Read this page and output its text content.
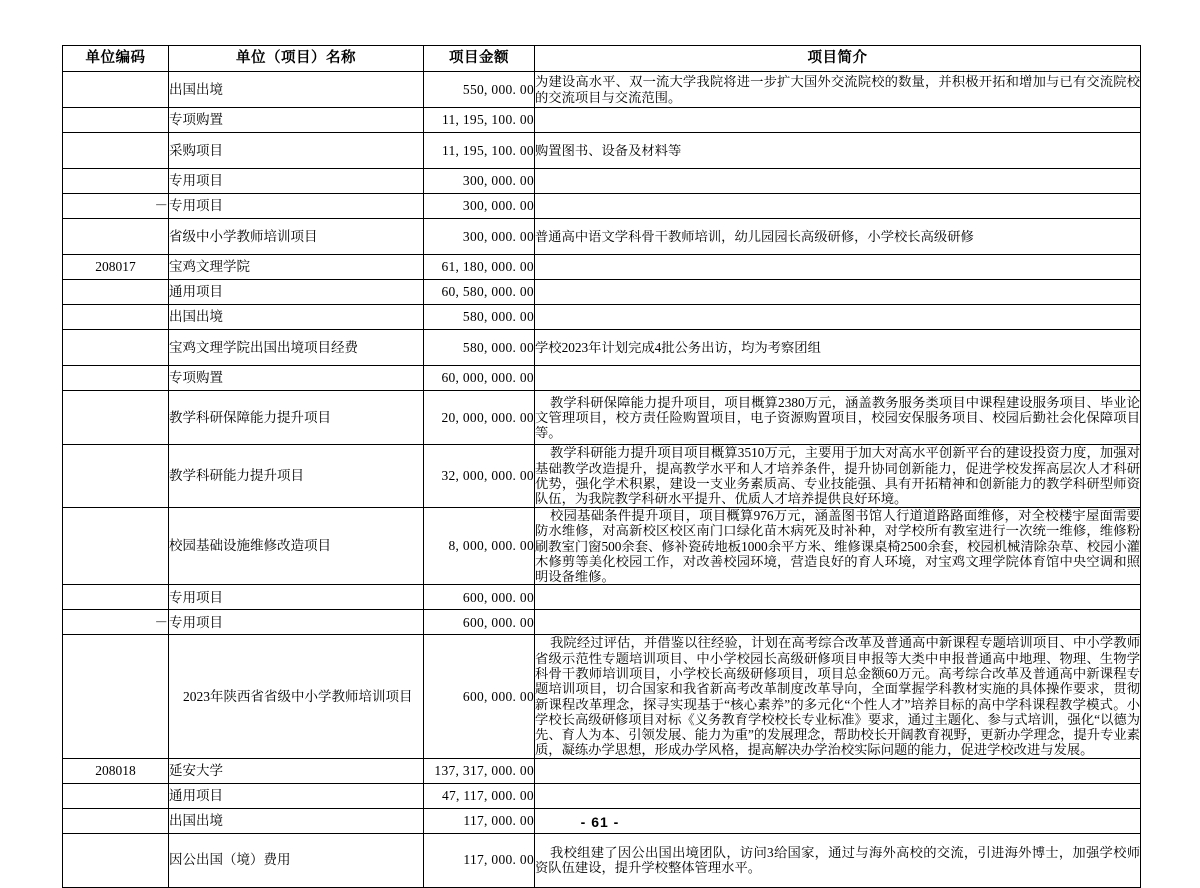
单位编码	单位（项目）名称	项目金额	项目简介
	出国出境	550, 000. 00	为建设高水平、双一流大学我院将进一步扩大国外交流院校的数量，并积极开拓和增加与已有交流院校的交流项目与交流范围。
	专项购置	11, 195, 100. 00	
	采购项目	11, 195, 100. 00	购置图书、设备及材料等
	专用项目	300, 000. 00	
－	专用项目	300, 000. 00	
	省级中小学教师培训项目	300, 000. 00	普通高中语文学科骨干教师培训，幼儿园园长高级研修，小学校长高级研修
208017	宝鸡文理学院	61, 180, 000. 00	
	通用项目	60, 580, 000. 00	
	出国出境	580, 000. 00	
	宝鸡文理学院出国出境项目经费	580, 000. 00	学校2023年计划完成4批公务出访，均为考察团组
	专项购置	60, 000, 000. 00	
	教学科研保障能力提升项目	20, 000, 000. 00	教学科研保障能力提升项目，项目概算2380万元，涵盖教务服务类项目中课程建设服务项目、毕业论文管理项目，校方责任险购置项目，电子资源购置项目，校园安保服务项目、校园后勤社会化保障项目等。
	教学科研能力提升项目	32, 000, 000. 00	教学科研能力提升项目项目概算3510万元，主要用于加大对高水平创新平台的建设投资力度，加强对基础教学改造提升，提高教学水平和人才培养条件，提升协同创新能力，促进学校发挥高层次人才科研优势，强化学术积累，建设一支业务素质高、专业技能强、具有开拓精神和创新能力的教学科研型师资队伍，为我院教学科研水平提升、优质人才培养提供良好环境。
	校园基础设施维修改造项目	8, 000, 000. 00	校园基础条件提升项目，项目概算976万元，涵盖图书馆人行道道路路面维修，对全校楼宇屋面需要防水维修，对高新校区校区南门口绿化苗木病死及时补种，对学校所有教室进行一次统一维修，维修粉刷教室门窗500余套、修补瓷砖地板1000余平方米、维修课桌椅2500余套，校园机械清除杂草、校园小灌木修剪等美化校园工作，对改善校园环境，营造良好的育人环境，对宝鸡文理学院体育馆中央空调和照明设备维修。
	专用项目	600, 000. 00	
－	专用项目	600, 000. 00	
	2023年陕西省省级中小学教师培训项目	600, 000. 00	我院经过评估，并借鉴以往经验，计划在高考综合改革及普通高中新课程专题培训项目、中小学教师省级示范性专题培训项目、中小学校园长高级研修项目申报等大类中申报普通高中地理、物理、生物学科骨干教师培训项目，小学校长高级研修项目，项目总金额60万元。高考综合改革及普通高中新课程专题培训项目，切合国家和我省新高考改革制度改革导向，全面掌握学科教材实施的具体操作要求，贯彻新课程改革理念，探寻实现基于“核心素养”的多元化“个性人才”培养目标的高中学科课程教学模式。小学校长高级研修项目对标《义务教育学校校长专业标准》要求，通过主题化、参与式培训，强化“以德为先、育人为本、引领发展、能力为重”的发展理念，帮助校长开阔教育视野，更新办学理念，提升专业素质，凝练办学思想，形成办学风格，提高解决办学治校实际问题的能力，促进学校改进与发展。
208018	延安大学	137, 317, 000. 00	
	通用项目	47, 117, 000. 00	
	出国出境	117, 000. 00	
	因公出国（境）费用	117, 000. 00	我校组建了因公出国出境团队，访问3给国家，通过与海外高校的交流，引进海外博士，加强学校师资队伍建设，提升学校整体管理水平。
- 61 -
